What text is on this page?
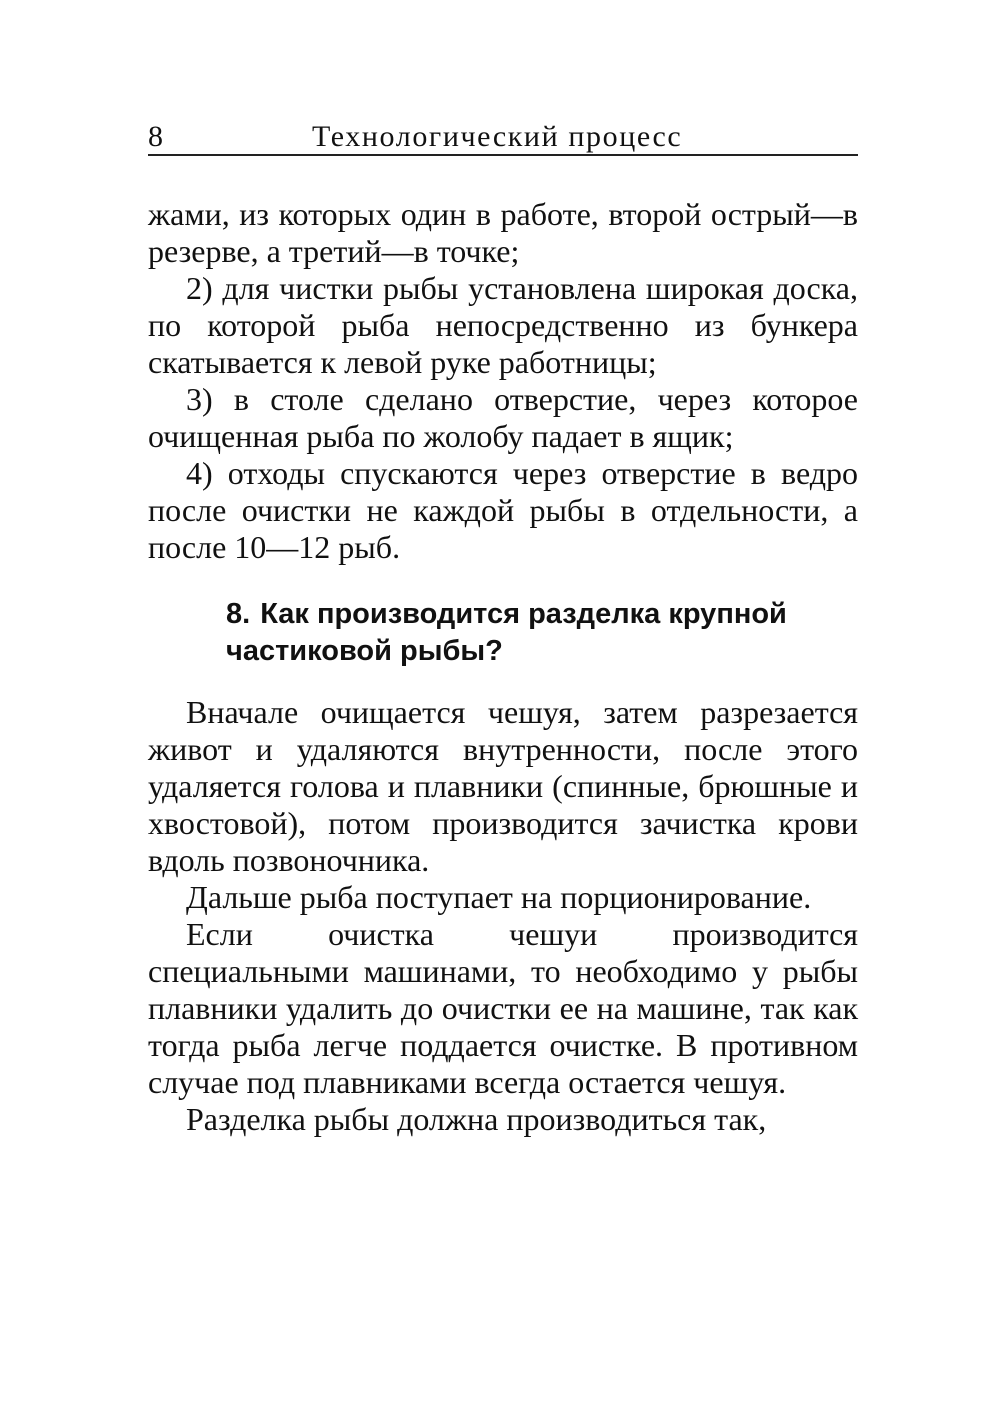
8	Технологический процесс

жами, из которых один в работе, второй острый—в резерве, а третий—в точке;

2) для чистки рыбы установлена широкая доска, по которой рыба непосредственно из бункера скатывается к левой руке работницы;

3) в столе сделано отверстие, через которое очищенная рыба по жолобу падает в ящик;

4) отходы спускаются через отверстие в ведро после очистки не каждой рыбы в отдельности, а после 10—12 рыб.

8. Как производится разделка крупной частиковой рыбы?

Вначале очищается чешуя, затем разрезается живот и удаляются внутренности, после этого удаляется голова и плавники (спинные, брюшные и хвостовой), потом производится зачистка крови вдоль позвоночника.

Дальше рыба поступает на порционирование.

Если очистка чешуи производится специальными машинами, то необходимо у рыбы плавники удалить до очистки ее на машине, так как тогда рыба легче поддается очистке. В противном случае под плавниками всегда остается чешуя.

Разделка рыбы должна производиться так,
